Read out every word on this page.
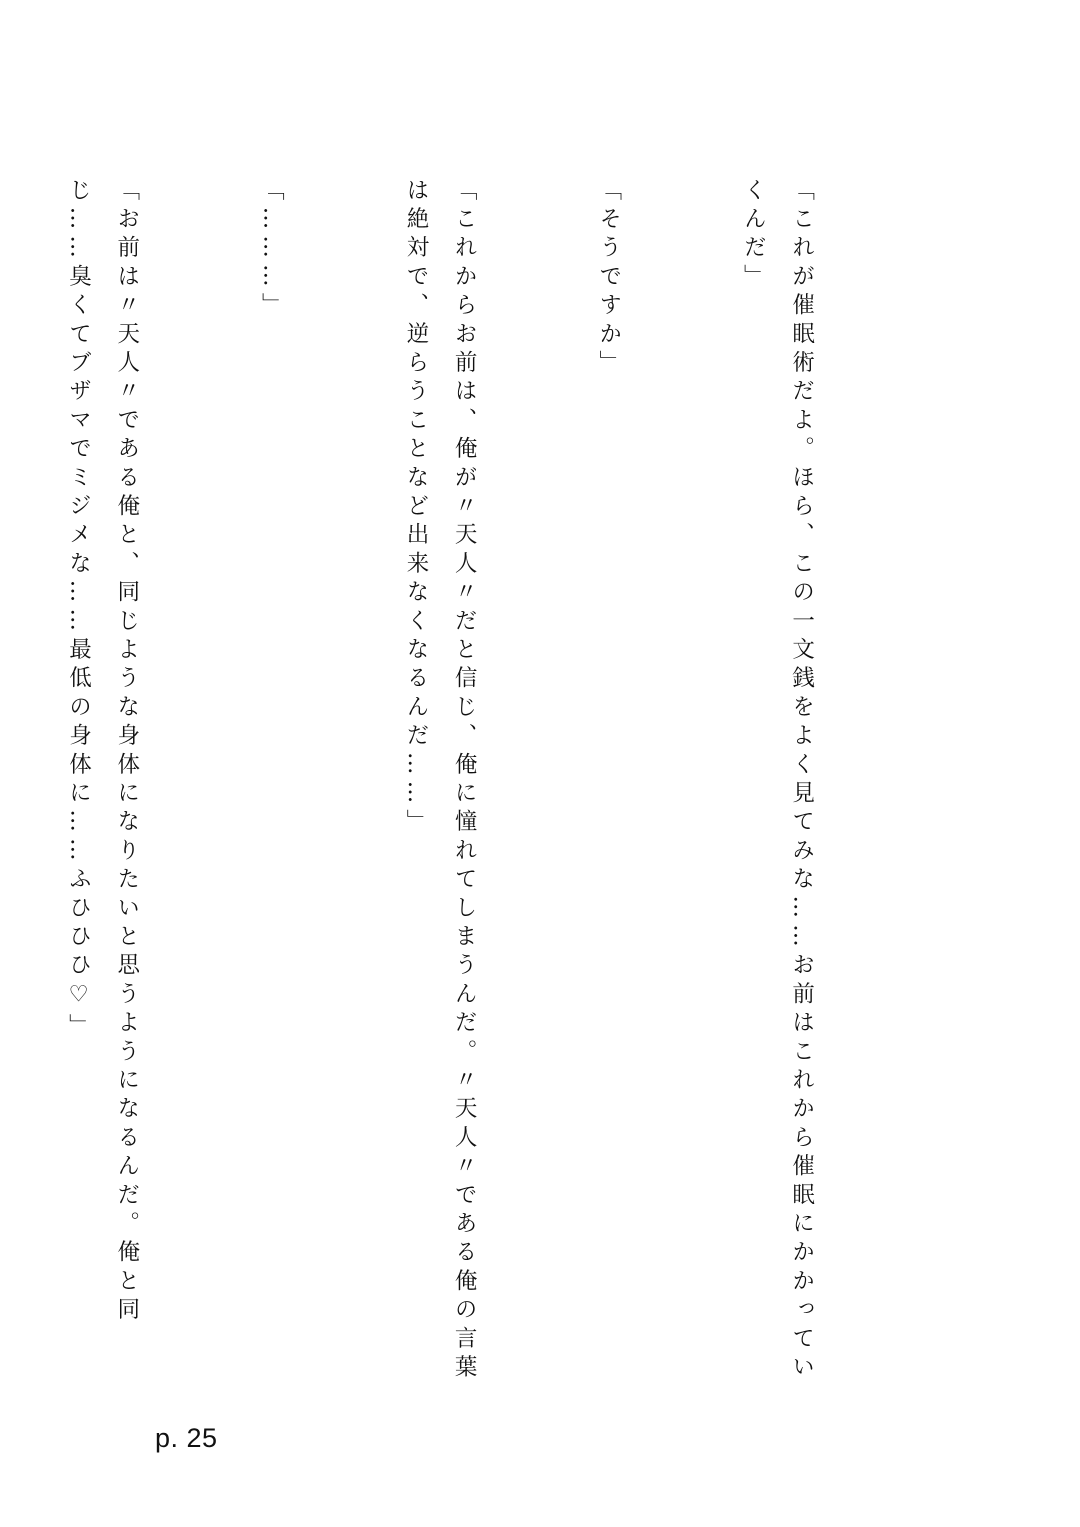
「これが催眠術だよ。ほら、この一文銭をよく見てみな……お前はこれから催眠にかかっていくんだ」

「そうですか」

「これからお前は、俺が〃天人〃だと信じ、俺に憧れてしまうんだ。〃天人〃である俺の言葉は絶対で、逆らうことなど出来なくなるんだ……」

「………」

「お前は〃天人〃である俺と、同じような身体になりたいと思うようになるんだ。俺と同じ……臭くてブザマでミジメな……最低の身体に……ふひひひ♡」

p. 25
